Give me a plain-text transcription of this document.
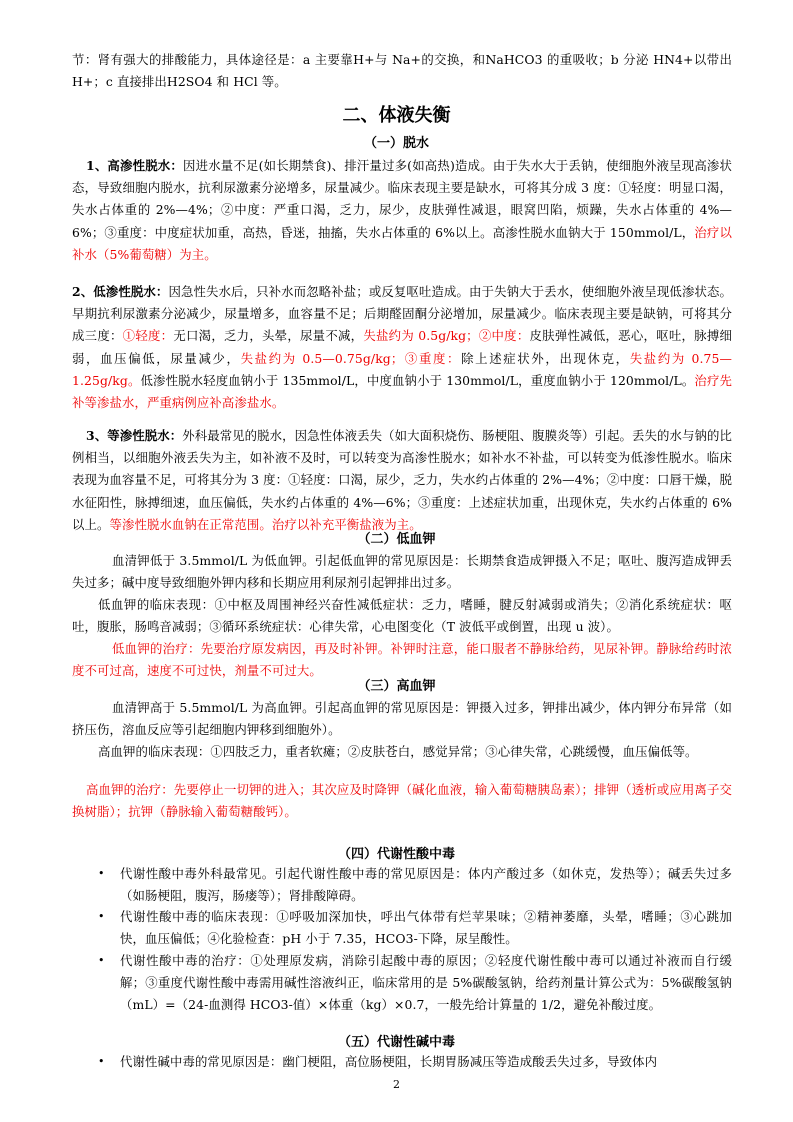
节：肾有强大的排酸能力，具体途径是：a 主要靠H+与 Na+的交换，和NaHCO3 的重吸收；b 分泌 HN4+以带出 H+；c 直接排出H2SO4 和 HCl 等。
二、体液失衡
（一）脱水
1、高渗性脱水：因进水量不足(如长期禁食)、排汗量过多(如高热)造成。由于失水大于丢钠，使细胞外液呈现高渗状态，导致细胞内脱水，抗利尿激素分泌增多，尿量减少。临床表现主要是缺水，可将其分成 3 度：①轻度：明显口渴，失水占体重的 2%—4%；②中度：严重口渴，乏力，尿少，皮肤弹性减退，眼窝凹陷，烦躁，失水占体重的 4%—6%；③重度：中度症状加重，高热，昏迷，抽搐，失水占体重的 6%以上。高渗性脱水血钠大于 150mmol/L，治疗以补水（5%葡萄糖）为主。
2、低渗性脱水：因急性失水后，只补水而忽略补盐；或反复呕吐造成。由于失钠大于丢水，使细胞外液呈现低渗状态。早期抗利尿激素分泌减少，尿量增多，血容量不足；后期醛固酮分泌增加，尿量减少。临床表现主要是缺钠，可将其分成三度：①轻度：无口渴，乏力，头晕，尿量不减，失盐约为 0.5g/kg；②中度：皮肤弹性减低，恶心，呕吐，脉搏细弱，血压偏低，尿量减少，失盐约为 0.5—0.75g/kg；③重度：除上述症状外，出现休克，失盐约为 0.75—1.25g/kg。低渗性脱水轻度血钠小于 135mmol/L，中度血钠小于 130mmol/L，重度血钠小于 120mmol/L。治疗先补等渗盐水，严重病例应补高渗盐水。
3、等渗性脱水：外科最常见的脱水，因急性体液丢失（如大面积烧伤、肠梗阻、腹膜炎等）引起。丢失的水与钠的比例相当，以细胞外液丢失为主，如补液不及时，可以转变为高渗性脱水；如补水不补盐，可以转变为低渗性脱水。临床表现为血容量不足，可将其分为 3 度：①轻度：口渴，尿少，乏力，失水约占体重的 2%—4%；②中度：口唇干燥，脱水征阳性，脉搏细速，血压偏低，失水约占体重的 4%—6%；③重度：上述症状加重，出现休克，失水约占体重的 6%以上。等渗性脱水血钠在正常范围。治疗以补充平衡盐液为主。
（二）低血钾
血清钾低于 3.5mmol/L 为低血钾。引起低血钾的常见原因是：长期禁食造成钾摄入不足；呕吐、腹泻造成钾丢失过多；碱中度导致细胞外钾内移和长期应用利尿剂引起钾排出过多。
低血钾的临床表现：①中枢及周围神经兴奋性减低症状：乏力，嗜睡，腱反射减弱或消失；②消化系统症状：呕吐，腹胀，肠鸣音减弱；③循环系统症状：心律失常，心电图变化（T 波低平或倒置，出现 u 波）。
低血钾的治疗：先要治疗原发病因，再及时补钾。补钾时注意，能口服者不静脉给药，见尿补钾。静脉给药时浓度不可过高，速度不可过快，剂量不可过大。
（三）高血钾
血清钾高于 5.5mmol/L 为高血钾。引起高血钾的常见原因是：钾摄入过多，钾排出减少，体内钾分布异常（如挤压伤，溶血反应等引起细胞内钾移到细胞外）。
高血钾的临床表现：①四肢乏力，重者软瘫；②皮肤苍白，感觉异常；③心律失常，心跳缓慢，血压偏低等。
高血钾的治疗：先要停止一切钾的进入；其次应及时降钾（碱化血液，输入葡萄糖胰岛素）；排钾（透析或应用离子交换树脂）；抗钾（静脉输入葡萄糖酸钙）。
（四）代谢性酸中毒
• 代谢性酸中毒外科最常见。引起代谢性酸中毒的常见原因是：体内产酸过多（如休克，发热等）；碱丢失过多（如肠梗阻，腹泻，肠瘘等）；肾排酸障碍。
• 代谢性酸中毒的临床表现：①呼吸加深加快，呼出气体带有烂苹果味；②精神萎靡，头晕，嗜睡；③心跳加快，血压偏低；④化验检查：pH 小于 7.35，HCO3-下降，尿呈酸性。
• 代谢性酸中毒的治疗：①处理原发病，消除引起酸中毒的原因；②轻度代谢性酸中毒可以通过补液而自行缓解；③重度代谢性酸中毒需用碱性溶液纠正，临床常用的是 5%碳酸氢钠，给药剂量计算公式为：5%碳酸氢钠（mL）=（24-血测得 HCO3-值）×体重（kg）×0.7，一般先给计算量的 1/2，避免补酸过度。
（五）代谢性碱中毒
• 代谢性碱中毒的常见原因是：幽门梗阻，高位肠梗阻，长期胃肠减压等造成酸丢失过多，导致体内
2
